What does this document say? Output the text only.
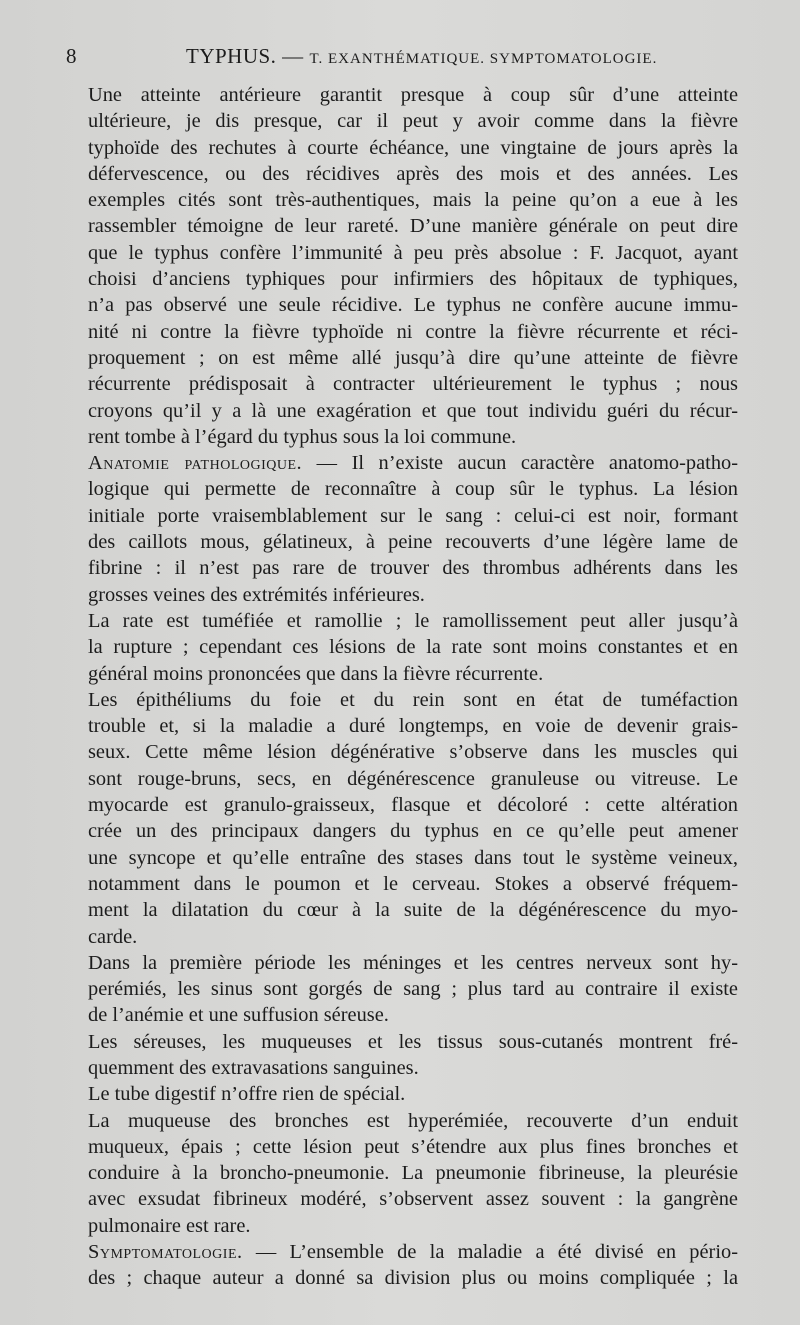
8	TYPHUS. — T. EXANTHÉMATIQUE. SYMPTOMATOLOGIE.
Une atteinte antérieure garantit presque à coup sûr d’une atteinte
ultérieure, je dis presque, car il peut y avoir comme dans la fièvre
typhoïde des rechutes à courte échéance, une vingtaine de jours après la
défervescence, ou des récidives après des mois et des années. Les
exemples cités sont très-authentiques, mais la peine qu’on a eue à les
rassembler témoigne de leur rareté. D’une manière générale on peut dire
que le typhus confère l’immunité à peu près absolue : F. Jacquot, ayant
choisi d’anciens typhiques pour infirmiers des hôpitaux de typhiques,
n’a pas observé une seule récidive. Le typhus ne confère aucune immu-
nité ni contre la fièvre typhoïde ni contre la fièvre récurrente et réci-
proquement ; on est même allé jusqu’à dire qu’une atteinte de fièvre
récurrente prédisposait à contracter ultérieurement le typhus ; nous
croyons qu’il y a là une exagération et que tout individu guéri du récur-
rent tombe à l’égard du typhus sous la loi commune.
Anatomie pathologique. — Il n’existe aucun caractère anatomo-patho-
logique qui permette de reconnaître à coup sûr le typhus. La lésion
initiale porte vraisemblablement sur le sang : celui-ci est noir, formant
des caillots mous, gélatineux, à peine recouverts d’une légère lame de
fibrine : il n’est pas rare de trouver des thrombus adhérents dans les
grosses veines des extrémités inférieures.
La rate est tuméfiée et ramollie ; le ramollissement peut aller jusqu’à
la rupture ; cependant ces lésions de la rate sont moins constantes et en
général moins prononcées que dans la fièvre récurrente.
Les épithéliums du foie et du rein sont en état de tuméfaction
trouble et, si la maladie a duré longtemps, en voie de devenir grais-
seux. Cette même lésion dégénérative s’observe dans les muscles qui
sont rouge-bruns, secs, en dégénérescence granuleuse ou vitreuse. Le
myocarde est granulo-graisseux, flasque et décoloré : cette altération
crée un des principaux dangers du typhus en ce qu’elle peut amener
une syncope et qu’elle entraîne des stases dans tout le système veineux,
notamment dans le poumon et le cerveau. Stokes a observé fréquem-
ment la dilatation du cœur à la suite de la dégénérescence du myo-
carde.
Dans la première période les méninges et les centres nerveux sont hy-
perémiés, les sinus sont gorgés de sang ; plus tard au contraire il existe
de l’anémie et une suffusion séreuse.
Les séreuses, les muqueuses et les tissus sous-cutanés montrent fré-
quemment des extravasations sanguines.
Le tube digestif n’offre rien de spécial.
La muqueuse des bronches est hyperémiée, recouverte d’un enduit
muqueux, épais ; cette lésion peut s’étendre aux plus fines bronches et
conduire à la broncho-pneumonie. La pneumonie fibrineuse, la pleurésie
avec exsudat fibrineux modéré, s’observent assez souvent : la gangrène
pulmonaire est rare.
Symptomatologie. — L’ensemble de la maladie a été divisé en pério-
des ; chaque auteur a donné sa division plus ou moins compliquée ; la
